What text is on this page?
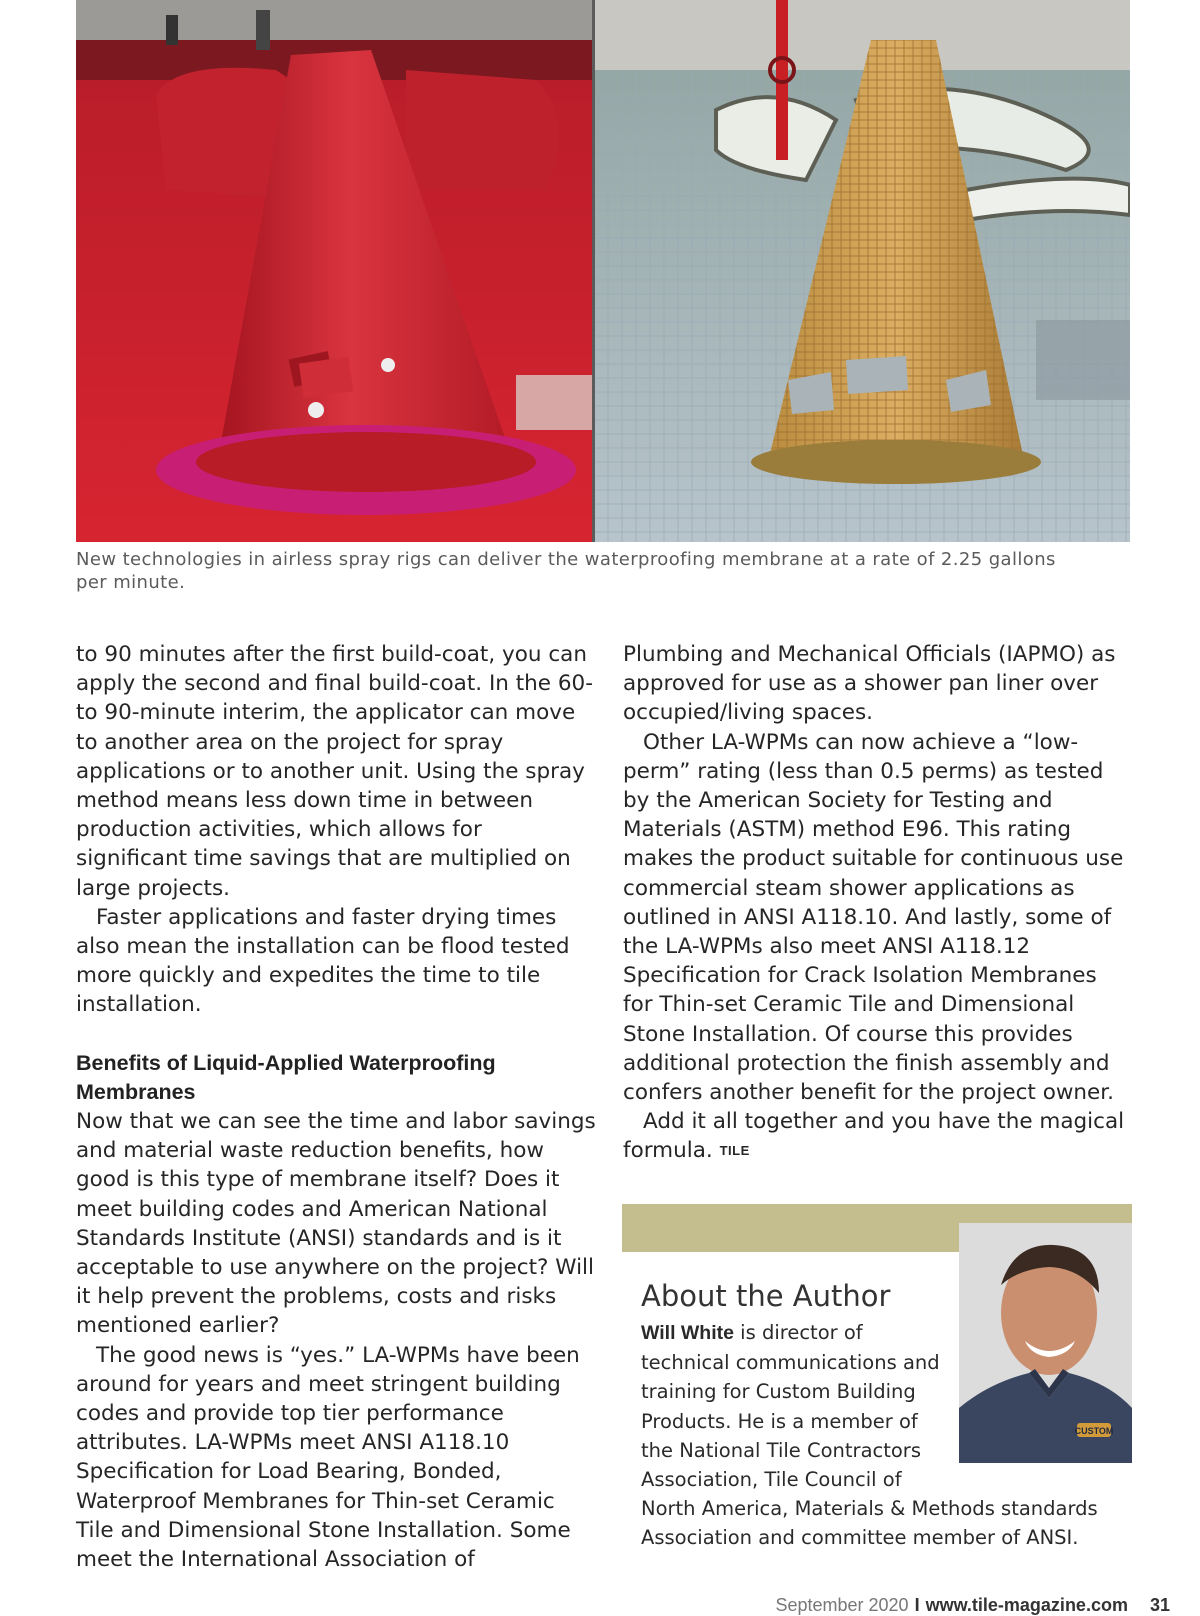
New technologies in airless spray rigs can deliver the waterproofing membrane at a rate of 2.25 gallons per minute.

to 90 minutes after the first build-coat, you can apply the second and final build-coat. In the 60-to 90-minute interim, the applicator can move to another area on the project for spray applications or to another unit. Using the spray method means less down time in between production activities, which allows for significant time savings that are multiplied on large projects.

Faster applications and faster drying times also mean the installation can be flood tested more quickly and expedites the time to tile installation.

Benefits of Liquid-Applied Waterproofing Membranes

Now that we can see the time and labor savings and material waste reduction benefits, how good is this type of membrane itself? Does it meet building codes and American National Standards Institute (ANSI) standards and is it acceptable to use anywhere on the project? Will it help prevent the problems, costs and risks mentioned earlier?

The good news is “yes.” LA-WPMs have been around for years and meet stringent building codes and provide top tier performance attributes. LA-WPMs meet ANSI A118.10 Specification for Load Bearing, Bonded, Waterproof Membranes for Thin-set Ceramic Tile and Dimensional Stone Installation. Some meet the International Association of

Plumbing and Mechanical Officials (IAPMO) as approved for use as a shower pan liner over occupied/living spaces.

Other LA-WPMs can now achieve a “low-perm” rating (less than 0.5 perms) as tested by the American Society for Testing and Materials (ASTM) method E96. This rating makes the product suitable for continuous use commercial steam shower applications as outlined in ANSI A118.10. And lastly, some of the LA-WPMs also meet ANSI A118.12 Specification for Crack Isolation Membranes for Thin-set Ceramic Tile and Dimensional Stone Installation. Of course this provides additional protection the finish assembly and confers another benefit for the project owner.

Add it all together and you have the magical formula. TILE

CUSTOM
About the Author
Will White is director of
technical communications and
training for Custom Building
Products. He is a member of
the National Tile Contractors
Association, Tile Council of
North America, Materials & Methods standards
Association and committee member of ANSI.
September 2020 I www.tile-magazine.com 31
